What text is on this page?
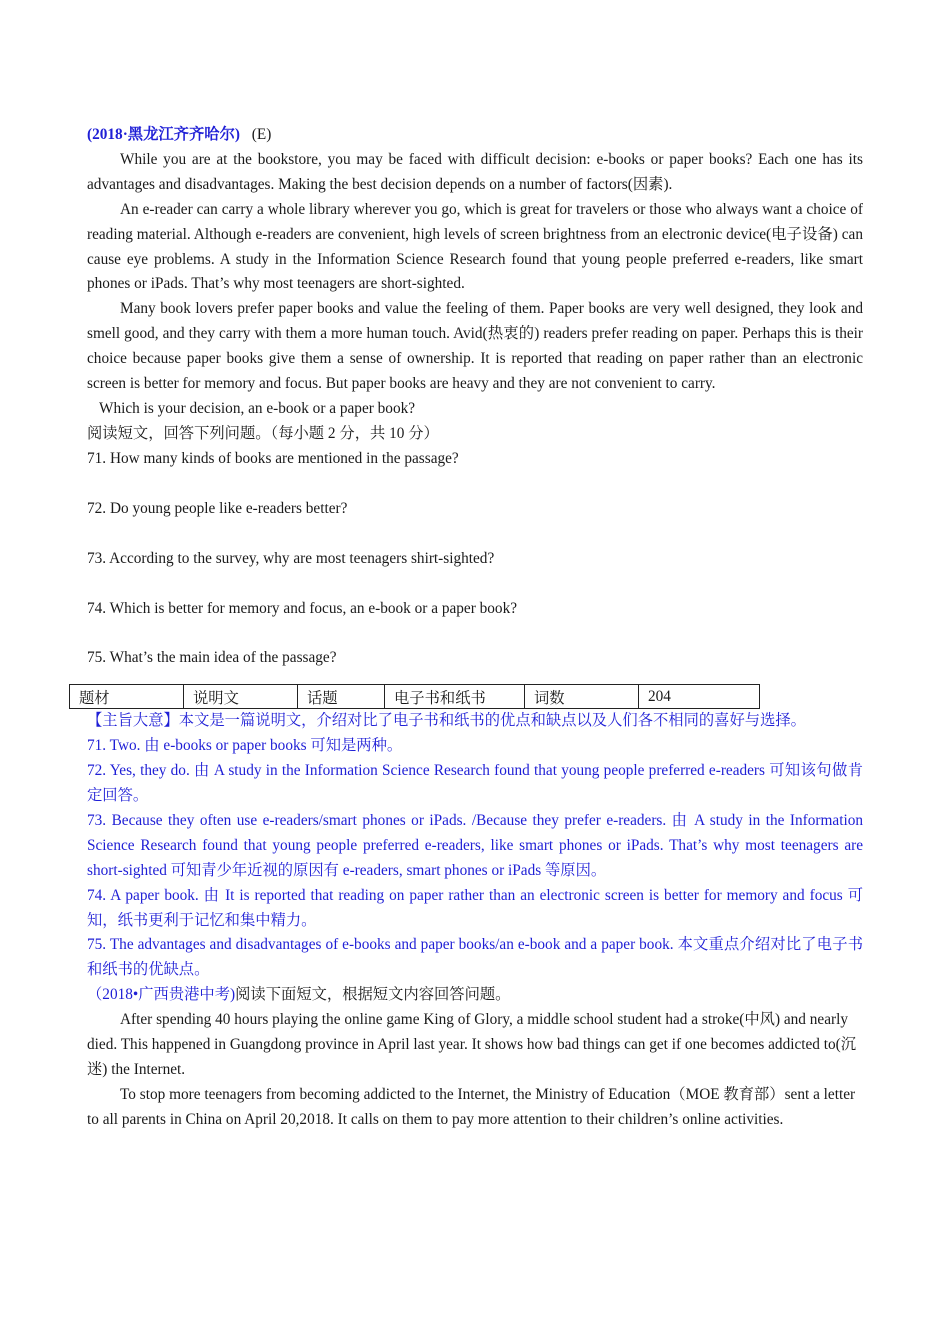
(2018·黑龙江齐齐哈尔) (E)

While you are at the bookstore, you may be faced with difficult decision: e-books or paper books? Each one has its advantages and disadvantages. Making the best decision depends on a number of factors(因素).

An e-reader can carry a whole library wherever you go, which is great for travelers or those who always want a choice of reading material. Although e-readers are convenient, high levels of screen brightness from an electronic device(电子设备) can cause eye problems. A study in the Information Science Research found that young people preferred e-readers, like smart phones or iPads. That’s why most teenagers are short-sighted.

Many book lovers prefer paper books and value the feeling of them. Paper books are very well designed, they look and smell good, and they carry with them a more human touch. Avid(热衷的) readers prefer reading on paper. Perhaps this is their choice because paper books give them a sense of ownership. It is reported that reading on paper rather than an electronic screen is better for memory and focus. But paper books are heavy and they are not convenient to carry.

Which is your decision, an e-book or a paper book?

阅读短文，回答下列问题。（每小题 2 分，共 10 分）

71. How many kinds of books are mentioned in the passage?

72. Do young people like e-readers better?

73. According to the survey, why are most teenagers shirt-sighted?

74. Which is better for memory and focus, an e-book or a paper book?

75. What’s the main idea of the passage?

题材	说明文	话题	电子书和纸书	词数	204

【主旨大意】本文是一篇说明文，介绍对比了电子书和纸书的优点和缺点以及人们各不相同的喜好与选择。

71. Two. 由 e-books or paper books 可知是两种。

72. Yes, they do. 由 A study in the Information Science Research found that young people preferred e-readers 可知该句做肯定回答。

73. Because they often use e-readers/smart phones or iPads. /Because they prefer e-readers. 由 A study in the Information Science Research found that young people preferred e-readers, like smart phones or iPads. That’s why most teenagers are short-sighted 可知青少年近视的原因有 e-readers, smart phones or iPads 等原因。

74. A paper book. 由 It is reported that reading on paper rather than an electronic screen is better for memory and focus 可知，纸书更利于记忆和集中精力。

75. The advantages and disadvantages of e-books and paper books/an e-book and a paper book. 本文重点介绍对比了电子书和纸书的优缺点。

（2018•广西贵港中考)阅读下面短文，根据短文内容回答问题。

After spending 40 hours playing the online game King of Glory, a middle school student had a stroke(中风) and nearly died. This happened in Guangdong province in April last year. It shows how bad things can get if one becomes addicted to(沉迷) the Internet.

To stop more teenagers from becoming addicted to the Internet, the Ministry of Education（MOE 教育部）sent a letter to all parents in China on April 20,2018. It calls on them to pay more attention to their children’s online activities.
